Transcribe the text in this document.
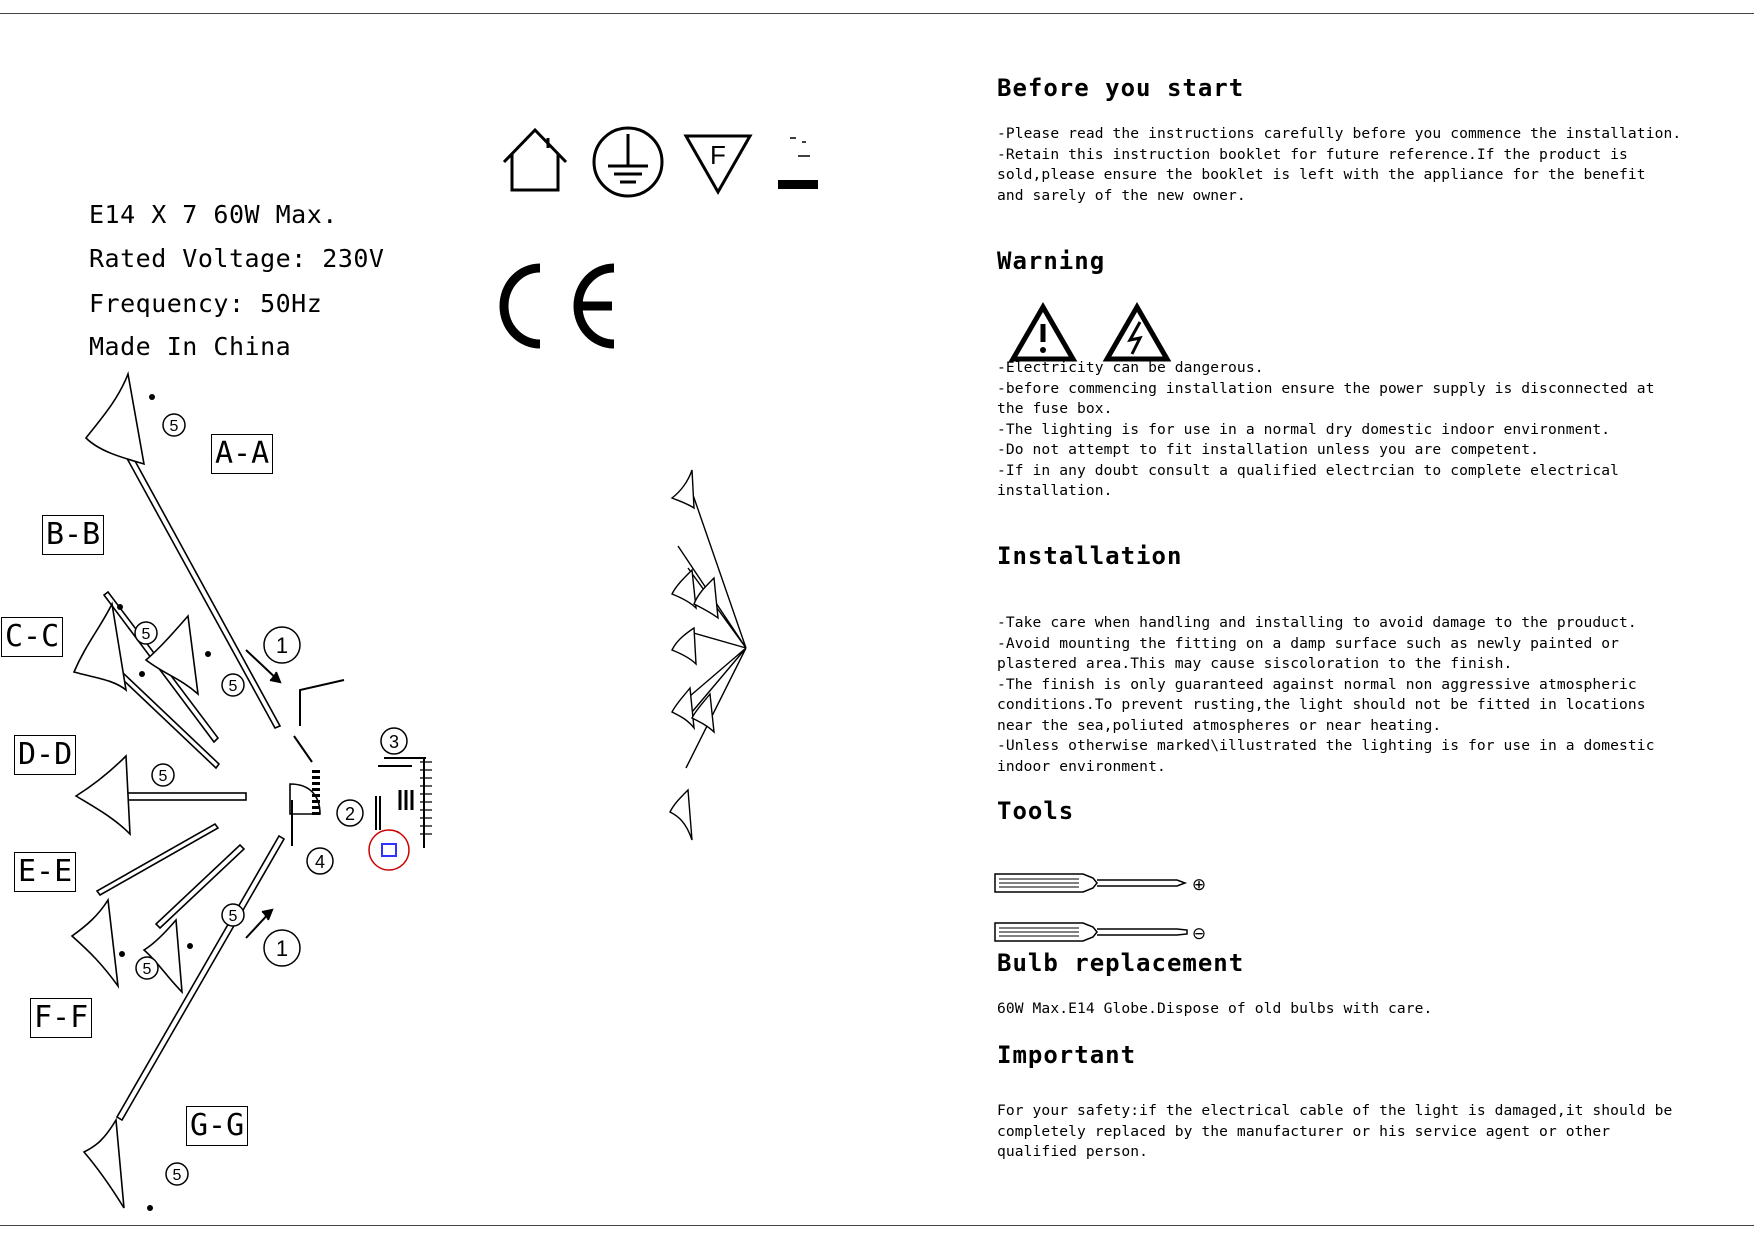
E14 X 7 60W Max.
Rated Voltage: 230V
Frequency: 50Hz
Made In China
F
1
1
2
3
4
5
5
5
5
5
5
5
A-A
B-B
C-C
D-D
E-E
F-F
G-G
Before you start
-Please read the instructions carefully before you commence the installation.
-Retain this instruction booklet for future reference.If the product is
sold,please ensure the booklet is left with the appliance for the benefit
and sarely of the new owner.
Warning
-Electricity can be dangerous.
-before commencing installation ensure the power supply is disconnected at
the fuse box.
-The lighting is for use in a normal dry domestic indoor environment.
-Do not attempt to fit installation unless you are competent.
-If in any doubt consult a qualified electrcian to complete electrical
installation.
Installation
-Take care when handling and installing to avoid damage to the prouduct.
-Avoid mounting the fitting on a damp surface such as newly painted or
plastered area.This may cause siscoloration to the finish.
-The finish is only guaranteed against normal non aggressive atmospheric
conditions.To prevent rusting,the light should not be fitted in locations
near the sea,poliuted atmospheres or near heating.
-Unless otherwise marked\illustrated the lighting is for use in a domestic
indoor environment.
Tools
⊕
⊖
Bulb replacement
60W Max.E14 Globe.Dispose of old bulbs with care.
Important
For your safety:if the electrical cable of the light is damaged,it should be
completely replaced by the manufacturer or his service agent or other
qualified person.
